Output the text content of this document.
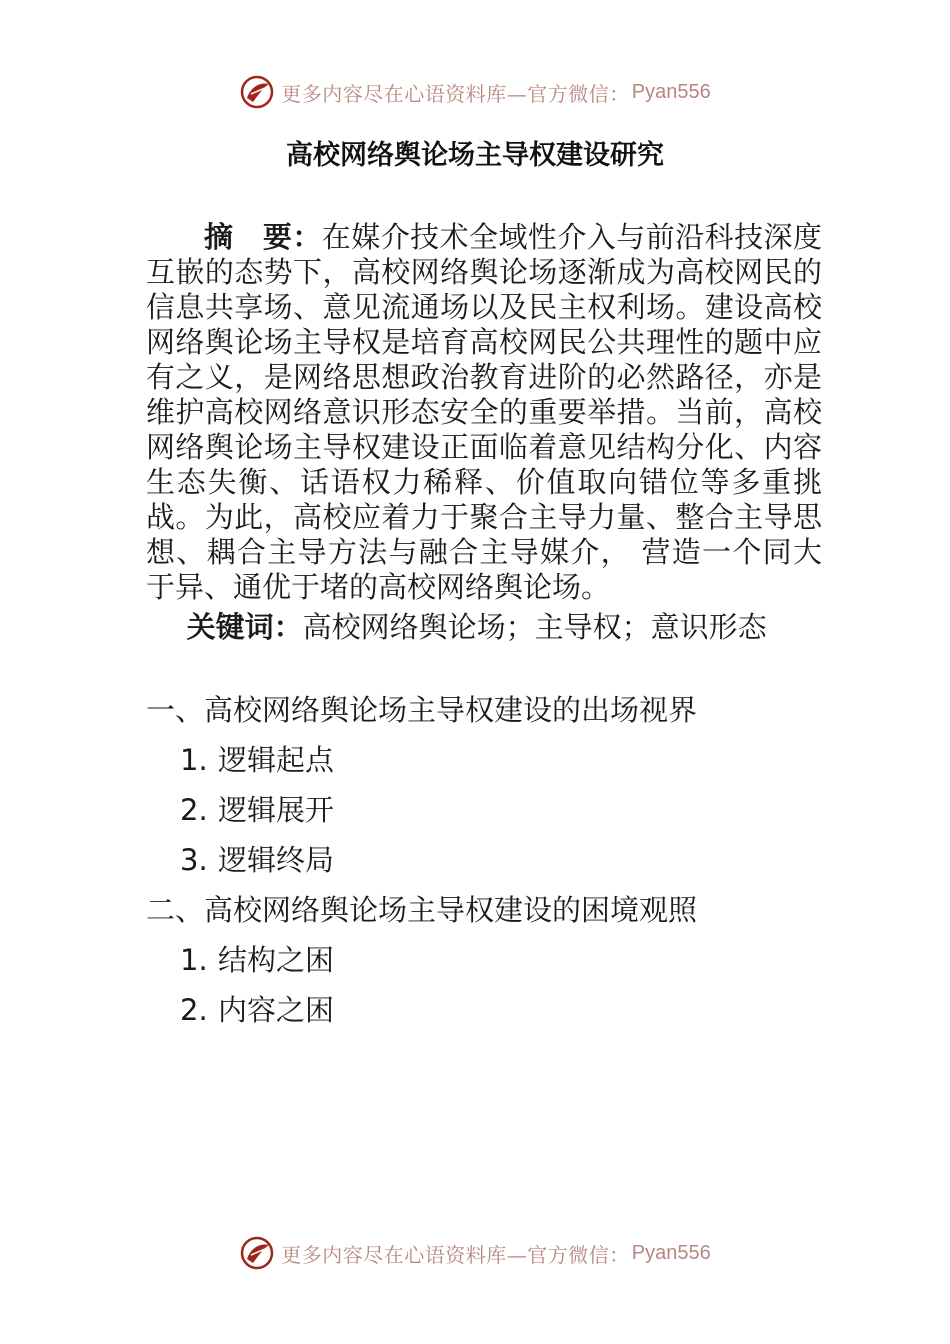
更多内容尽在心语资料库—官方微信： Pyan556
高校网络舆论场主导权建设研究

摘　要：在媒介技术全域性介入与前沿科技深度互嵌的态势下，高校网络舆论场逐渐成为高校网民的信息共享场、意见流通场以及民主权利场。建设高校网络舆论场主导权是培育高校网民公共理性的题中应有之义，是网络思想政治教育进阶的必然路径，亦是维护高校网络意识形态安全的重要举措。当前，高校网络舆论场主导权建设正面临着意见结构分化、内容生态失衡、话语权力稀释、价值取向错位等多重挑战。为此，高校应着力于聚合主导力量、整合主导思想、耦合主导方法与融合主导媒介， 营造一个同大于异、通优于堵的高校网络舆论场。

关键词：高校网络舆论场；主导权；意识形态

一、高校网络舆论场主导权建设的出场视界
1. 逻辑起点
2. 逻辑展开
3. 逻辑终局
二、高校网络舆论场主导权建设的困境观照
1. 结构之困
2. 内容之困
更多内容尽在心语资料库—官方微信： Pyan556
